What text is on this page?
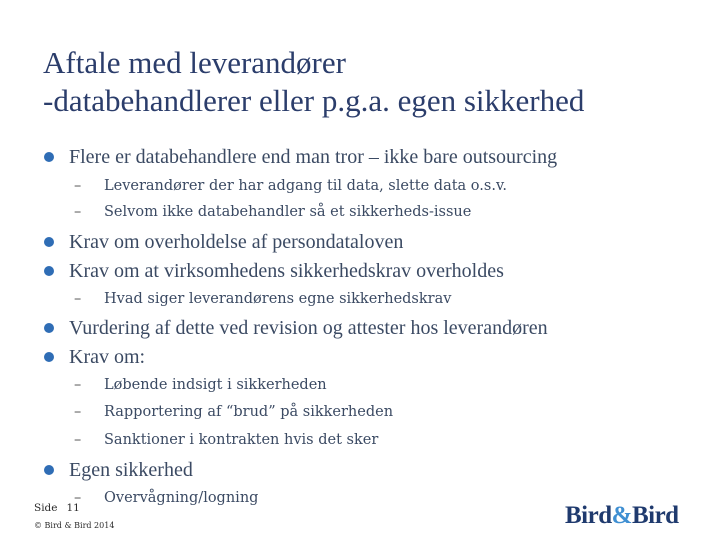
Aftale med leverandører
-databehandlerer eller p.g.a. egen sikkerhed
Flere er databehandlere end man tror – ikke bare outsourcing
– Leverandører der har adgang til data, slette data o.s.v.
– Selvom ikke databehandler så et sikkerheds-issue
Krav om overholdelse af persondataloven
Krav om at virksomhedens sikkerhedskrav overholdes
– Hvad siger leverandørens egne sikkerhedskrav
Vurdering af dette ved revision og attester hos leverandøren
Krav om:
– Løbende indsigt i sikkerheden
– Rapportering af “brud” på sikkerheden
– Sanktioner i kontrakten hvis det sker
Egen sikkerhed
– Overvågning/logning
Side 11
© Bird & Bird 2014	Bird&Bird
